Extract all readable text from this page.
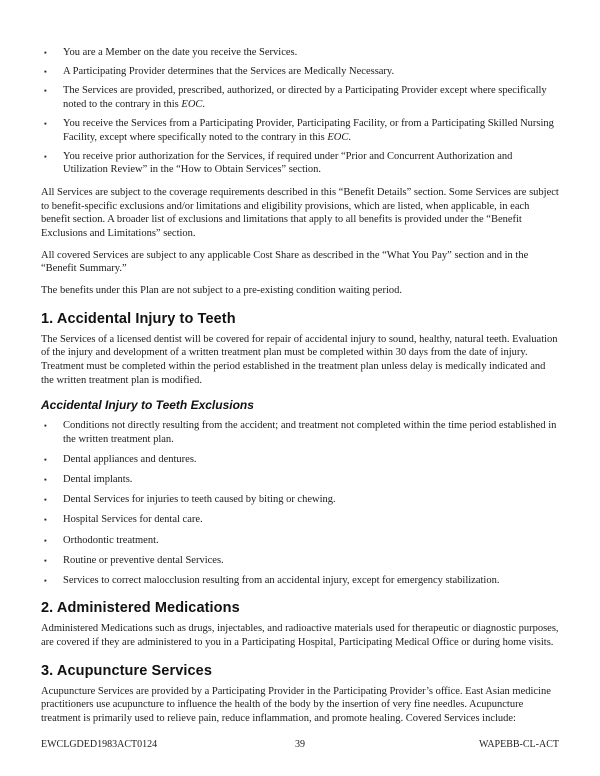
▪	You are a Member on the date you receive the Services.
▪	A Participating Provider determines that the Services are Medically Necessary.
▪	The Services are provided, prescribed, authorized, or directed by a Participating Provider except where specifically noted to the contrary in this EOC.
▪	You receive the Services from a Participating Provider, Participating Facility, or from a Participating Skilled Nursing Facility, except where specifically noted to the contrary in this EOC.
▪	You receive prior authorization for the Services, if required under “Prior and Concurrent Authorization and Utilization Review” in the “How to Obtain Services” section.

All Services are subject to the coverage requirements described in this “Benefit Details” section. Some Services are subject to benefit-specific exclusions and/or limitations and eligibility provisions, which are listed, when applicable, in each benefit section. A broader list of exclusions and limitations that apply to all benefits is provided under the “Benefit Exclusions and Limitations” section.

All covered Services are subject to any applicable Cost Share as described in the “What You Pay” section and in the “Benefit Summary.”

The benefits under this Plan are not subject to a pre-existing condition waiting period.

1. Accidental Injury to Teeth

The Services of a licensed dentist will be covered for repair of accidental injury to sound, healthy, natural teeth. Evaluation of the injury and development of a written treatment plan must be completed within 30 days from the date of injury. Treatment must be completed within the period established in the treatment plan unless delay is medically indicated and the written treatment plan is modified.

Accidental Injury to Teeth Exclusions
▪	Conditions not directly resulting from the accident; and treatment not completed within the time period established in the written treatment plan.
▪	Dental appliances and dentures.
▪	Dental implants.
▪	Dental Services for injuries to teeth caused by biting or chewing.
▪	Hospital Services for dental care.
▪	Orthodontic treatment.
▪	Routine or preventive dental Services.
▪	Services to correct malocclusion resulting from an accidental injury, except for emergency stabilization.
2. Administered Medications

Administered Medications such as drugs, injectables, and radioactive materials used for therapeutic or diagnostic purposes, are covered if they are administered to you in a Participating Hospital, Participating Medical Office or during home visits.

3. Acupuncture Services

Acupuncture Services are provided by a Participating Provider in the Participating Provider’s office. East Asian medicine practitioners use acupuncture to influence the health of the body by the insertion of very fine needles. Acupuncture treatment is primarily used to relieve pain, reduce inflammation, and promote healing. Covered Services include:

EWCLGDED1983ACT0124	39	WAPEBB-CL-ACT
